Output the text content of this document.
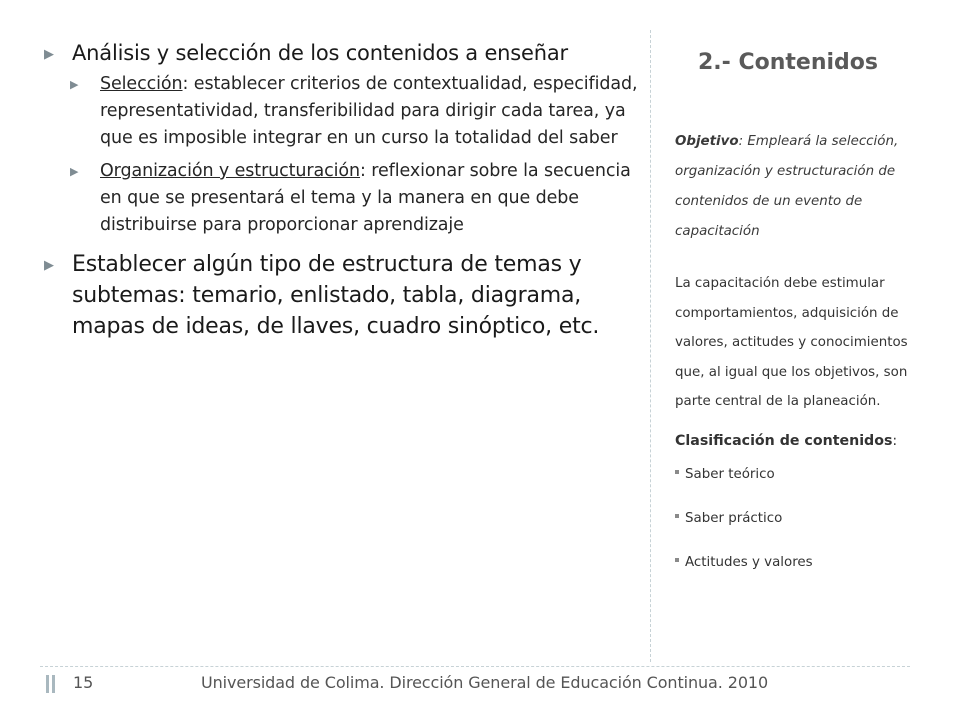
▶ Análisis y selección de los contenidos a enseñar
▶ Selección: establecer criterios de contextualidad, especifidad, representatividad, transferibilidad para dirigir cada tarea, ya que es imposible integrar en un curso la totalidad del saber
▶ Organización y estructuración: reflexionar sobre la secuencia en que se presentará el tema y la manera en que debe distribuirse para proporcionar aprendizaje
▶ Establecer algún tipo de estructura de temas y subtemas: temario, enlistado, tabla, diagrama, mapas de ideas, de llaves, cuadro sinóptico, etc.
2.- Contenidos
Objetivo: Empleará la selección, organización y estructuración de contenidos de un evento de capacitación
La capacitación debe estimular comportamientos, adquisición de valores, actitudes y conocimientos que, al igual que los objetivos, son parte central de la planeación.
Clasificación de contenidos:
Saber teórico
Saber práctico
Actitudes y valores
15	Universidad de Colima. Dirección General de Educación Continua. 2010
